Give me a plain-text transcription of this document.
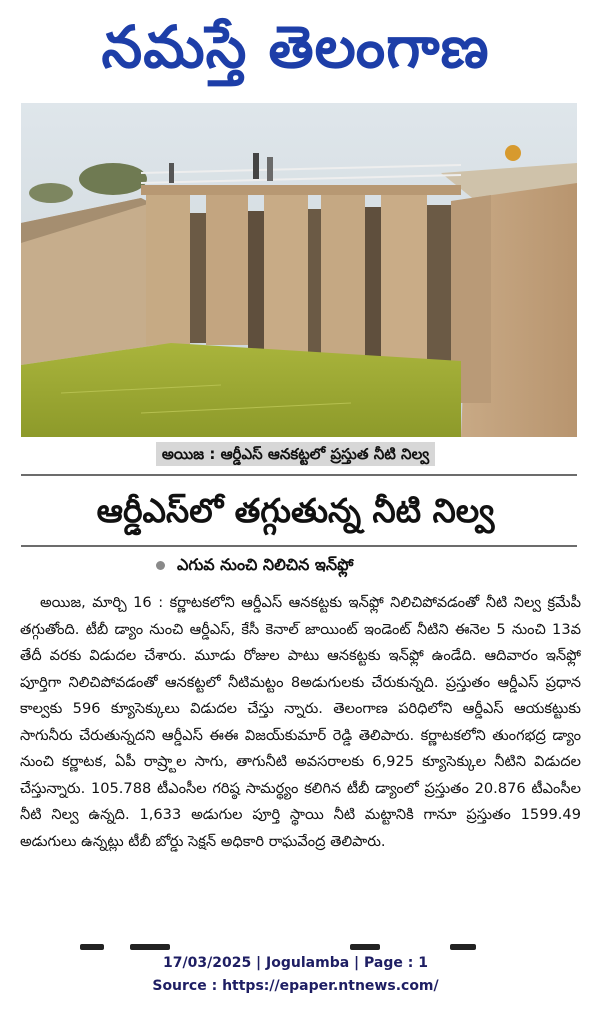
నమస్తే తెలంగాణ
అయిజ : ఆర్డీఎస్ ఆనకట్టలో ప్రస్తుత నీటి నిల్వ
ఆర్డీఎస్‌లో తగ్గుతున్న నీటి నిల్వ
ఎగువ నుంచి నిలిచిన ఇన్‌ఫ్లో

అయిజ, మార్చి 16 : కర్ణాటకలోని ఆర్డీఎస్ ఆనకట్టకు ఇన్‌ఫ్లో నిలిచిపోవడంతో నీటి నిల్వ క్రమేపీ తగ్గుతోంది. టీబీ డ్యాం నుంచి ఆర్డీఎస్, కేసీ కెనాల్ జాయింట్ ఇండెంట్ నీటిని ఈనెల 5 నుంచి 13వ తేదీ వరకు విడుదల చేశారు. మూడు రోజుల పాటు ఆనకట్టకు ఇన్‌ఫ్లో ఉండేది. ఆదివారం ఇన్‌ఫ్లో పూర్తిగా నిలిచిపోవడంతో ఆనకట్టలో నీటిమట్టం 8అడుగులకు చేరుకున్నది. ప్రస్తుతం ఆర్డీఎస్ ప్రధాన కాల్వకు 596 క్యూసెక్కులు విడుదల చేస్తు న్నారు. తెలంగాణ పరిధిలోని ఆర్డీఎస్ ఆయకట్టుకు సాగునీరు చేరుతున్నదని ఆర్డీఎస్ ఈఈ విజయ్‌కుమార్ రెడ్డి తెలిపారు. కర్ణాటకలోని తుంగభద్ర డ్యాం నుంచి కర్ణాటక, ఏపీ రాష్ర్టాల సాగు, తాగునీటి అవసరాలకు 6,925 క్యూసెక్కుల నీటిని విడుదల చేస్తున్నారు. 105.788 టీఎంసీల గరిష్ఠ సామర్థ్యం కలిగిన టీబీ డ్యాంలో ప్రస్తుతం 20.876 టీఎంసీల నీటి నిల్వ ఉన్నది. 1,633 అడుగుల పూర్తి స్థాయి నీటి మట్టానికి గానూ ప్రస్తుతం 1599.49 అడుగులు ఉన్నట్లు టీబీ బోర్డు సెక్షన్ అధికారి రాఘవేంద్ర తెలిపారు.

17/03/2025 | Jogulamba | Page : 1
Source : https://epaper.ntnews.com/
